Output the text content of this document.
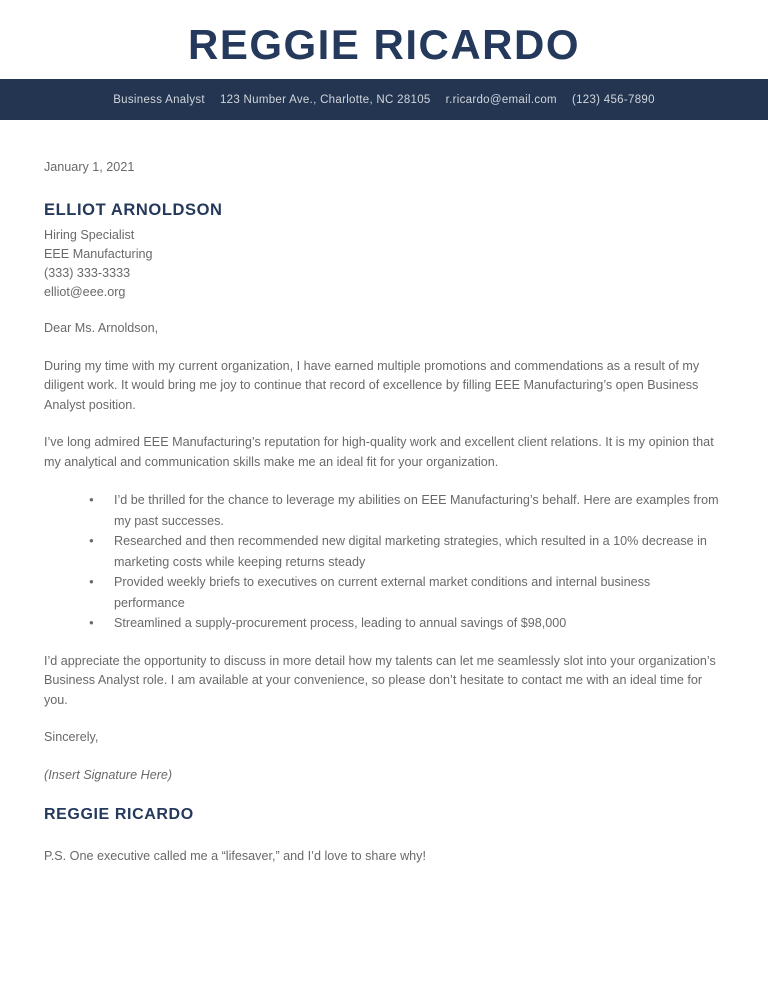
REGGIE RICARDO
Business Analyst 123 Number Ave., Charlotte, NC 28105 r.ricardo@email.com (123) 456-7890
January 1, 2021
ELLIOT ARNOLDSON
Hiring Specialist
EEE Manufacturing
(333) 333-3333
elliot@eee.org
Dear Ms. Arnoldson,
During my time with my current organization, I have earned multiple promotions and commendations as a result of my diligent work. It would bring me joy to continue that record of excellence by filling EEE Manufacturing’s open Business Analyst position.
I’ve long admired EEE Manufacturing’s reputation for high-quality work and excellent client relations. It is my opinion that my analytical and communication skills make me an ideal fit for your organization.
● I’d be thrilled for the chance to leverage my abilities on EEE Manufacturing’s behalf. Here are examples from my past successes.
● Researched and then recommended new digital marketing strategies, which resulted in a 10% decrease in marketing costs while keeping returns steady
● Provided weekly briefs to executives on current external market conditions and internal business performance
● Streamlined a supply-procurement process, leading to annual savings of $98,000
I’d appreciate the opportunity to discuss in more detail how my talents can let me seamlessly slot into your organization’s Business Analyst role. I am available at your convenience, so please don’t hesitate to contact me with an ideal time for you.
Sincerely,
(Insert Signature Here)
REGGIE RICARDO
P.S. One executive called me a “lifesaver,” and I’d love to share why!
